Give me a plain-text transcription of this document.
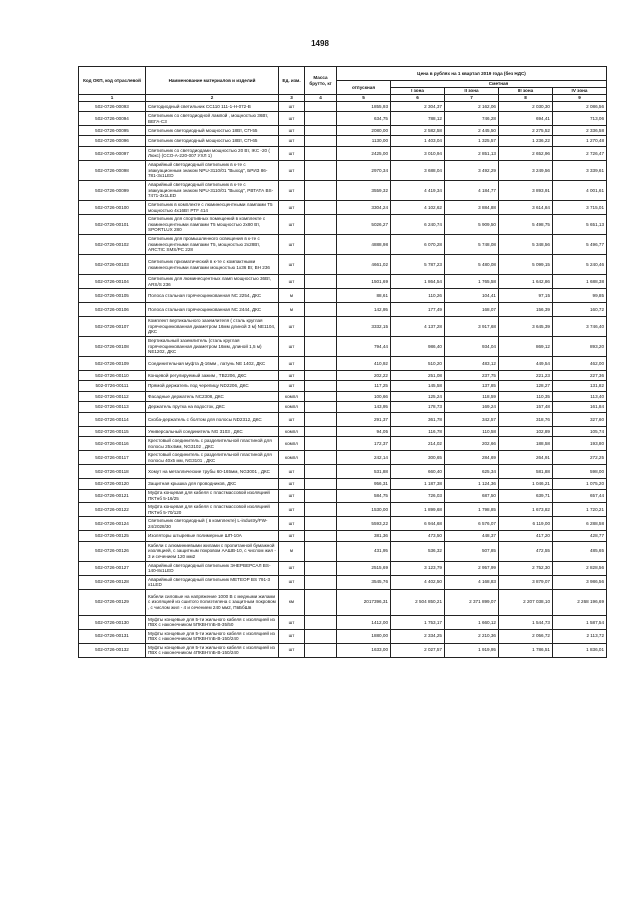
1498
Код ОКП, код отраслевой	Наименование материалов и изделий	Ед. изм.	Масса брутто, кг	Цена в рублях на 1 квартал 2019 года (без НДС)				
				отпускная	Сметная			
					I зона	II зона	III зона	IV зона
1	2	3	4	5	6	7	8	9
502-0726-00093	Светодиодный светильник СС110 111-1-Н-072-В	шт		1855,93	2 304,37	2 162,06	2 030,30	2 086,56
502-0726-00094	Светильник со светодиодной лампой , мощностью 36Вт, ВЕГА-С3	шт		634,75	788,12	746,28	694,41	713,06
502-0726-00095	Светильник светодиодный мощностью 18Вт, СП-55	шт		2080,00	2 582,58	2 445,50	2 275,52	2 336,58
502-0726-00096	Светильник светодиодный мощностью 18Вт, СП-65	шт		1130,00	1 403,04	1 325,57	1 236,22	1 270,48
502-0726-00097	Светильник со светодиодами мощностью 20 Вт, IKC -20 ( Люкс) (ССО-А-220-007 УХЛ 1)	шт		2425,00	3 010,94	2 851,13	2 652,96	2 726,47
502-0726-00098	Аварийный светодиодный светильник в к-те с эвакуационным знаком NPU-3110/01 "Выход", БРИЗ 86-781-3х1LED	шт		2970,34	3 688,04	3 492,29	3 249,56	3 339,61
502-0726-00099	Аварийный светодиодный светильник в к-те с эвакуационным знаком NPU-3110/01 "Выход", РВТАТА BS-7471-3х1LED	шт		3559,32	4 419,34	4 184,77	3 893,91	4 001,61
502-0726-00100	Светильник в комплекте с люминесцентными лампами Т5 мощностью 4х16Вт PTF 414	шт		3304,24	4 102,62	3 884,88	3 614,84	3 715,01
502-0726-00101	Светильник для спортивных помещений в комплекте с люминесцентными лампами Т5 мощностью 2х80 Вт, SPORTLUX 280	шт		5026,27	6 240,74	5 909,50	5 498,75	5 651,13
502-0726-00102	Светильник для промышленного освещения в к-те с люминесцентными лампами Т5, мощностью 2х28Вт, ARCTIC SMS/PC 228	шт		4888,98	6 070,28	5 748,08	5 348,56	5 496,77
502-0726-00103	Светильник призматический в к-те с компактными люминесцентными лампами мощностью 1х36 Вт, BH 236	шт		4661,02	5 787,23	5 480,08	5 099,15	5 240,46
502-0726-00104	Светильник для люминесцентных ламп мощностью 36Вт, ARS/S 236	шт		1501,69	1 864,54	1 765,58	1 642,86	1 688,38
502-0726-00105	Полоса стальная горячеоцинкованная NC 2254, ДКС	м		88,61	110,26	104,41	97,15	99,85
502-0726-00106	Полоса стальная горячеоцинкованная NC 2444, ДКС	м		142,95	177,49	168,07	156,39	160,72
502-0726-00107	Комплект вертикального заземлителя ( сталь круглая горячеоцинкованная диаметром 16мм длиной 3 м) NE1104, ДКС	шт		3332,15	4 137,28	3 917,68	3 645,39	3 746,40
502-0726-00108	Вертикальный заземлитель (сталь круглая горячеоцинкованная диаметром 16мм, длиной 1,5 м) NE1202, ДКС	шт		794,44	986,40	934,04	869,12	893,20
502-0726-00109	Соединительная муфта Д-16мм , латунь NE 1402, ДКС	шт		410,92	510,20	483,12	449,54	462,00
502-0726-00110	Концевой регулируемый зажим , ТВ2206, ДКС	шт		202,22	251,08	237,75	221,23	227,36
502-0726-00111	Прямой держатель под черепицу ND2206, ДКС	шт		117,25	145,58	137,85	128,27	131,82
502-0726-00112	Фасадные держатель NC2308, ДКС	компл		100,66	125,24	118,59	110,35	113,40
502-0726-00113	Держатель прутка на водосток, ДКС	компл		143,95	178,73	169,24	157,48	161,84
502-0726-00114	Скоба-держатель с болтом для полосы ND2312, ДКС	шт		291,37	361,78	342,57	318,76	327,60
502-0726-00115	Универсальный соединитель NG 3103 , ДКС	компл		94,05	116,78	110,58	102,89	105,74
502-0726-00116	Крестовый соединитель с разделительной пластиной для полосы 25х4мм, NG3102 , ДКС	компл		172,37	214,02	202,66	188,58	193,80
502-0726-00117	Крестовый соединитель с разделительной пластиной для полосы 40х5 мм, NG3101 , ДКС	компл		242,14	300,65	284,69	264,91	272,25
502-0726-00118	Хомут на металлические трубы 60-165мм, NG3001 , ДКС	шт		531,88	660,40	625,34	581,88	598,00
502-0726-00120	Защитная крышка для проводников, ДКС	шт		956,31	1 187,38	1 124,36	1 046,21	1 075,20
502-0726-00121	Муфта концевая для кабеля с пластмассовой изоляцией ПКТнб 5-16/25	шт		584,75	726,03	687,50	639,71	657,44
502-0726-00122	Муфта концевая для кабеля с пластмассовой изоляцией ПКТнб 5-70/120	шт		1530,00	1 899,68	1 798,85	1 673,82	1 720,21
502-0726-00124	Светильник светодиодный ( в комплекте) L-industry/FW-24/2028/30	шт		5593,22	6 944,68	6 576,07	6 119,00	6 288,58
502-0726-00125	Изоляторы штыревые полимерные ШП-10А	шт		381,36	473,50	448,37	417,20	428,77
502-0726-00126	Кабели с алюминиевыми жилами с пропитанной бумажной изоляцией, с защитным покровом ААШВ-10, с числом жил - 3 и сечением 120 мм2	м		431,95	536,32	507,85	472,55	485,65
502-0726-00127	Аварийный светодиодный светильник ЭНЕРВЕРСАЛ BS-140-8х1LED	шт		2515,69	3 123,79	2 957,99	2 752,30	2 828,56
502-0726-00128	Аварийный светодиодный светильник МЕТЕОР BS 791-3 х1LED	шт		3545,76	4 402,50	4 168,83	3 879,07	3 986,56
502-0726-00129	Кабели силовые на напряжение 1000 В с медными жилами с изоляцией из сшитого полиэтилена с защитным покровом , с числом жил - 4 и сечением 240 мм2, ПвБбШв	км		2017396,31	2 504 850,21	2 371 899,07	2 207 038,10	2 268 196,69
502-0726-00130	Муфты концевые для 5-ти жильного кабеля с изоляцией из ПВХ с наконечником 5ПКВНтпБ-В-35/50	шт		1412,00	1 753,17	1 660,12	1 544,73	1 587,54
502-0726-00131	Муфты концевые для 5-ти жильного кабеля с изоляцией из ПВХ с наконечником 5ПКВНтпБ-В-150/240	шт		1880,00	2 334,25	2 210,36	2 056,72	2 113,72
502-0726-00132	Муфты концевые для 5-ти жильного кабеля с изоляцией из ПВХ с наконечником 4ПКВНтпБ-В-150/240	шт		1633,00	2 027,57	1 919,95	1 786,51	1 836,01
